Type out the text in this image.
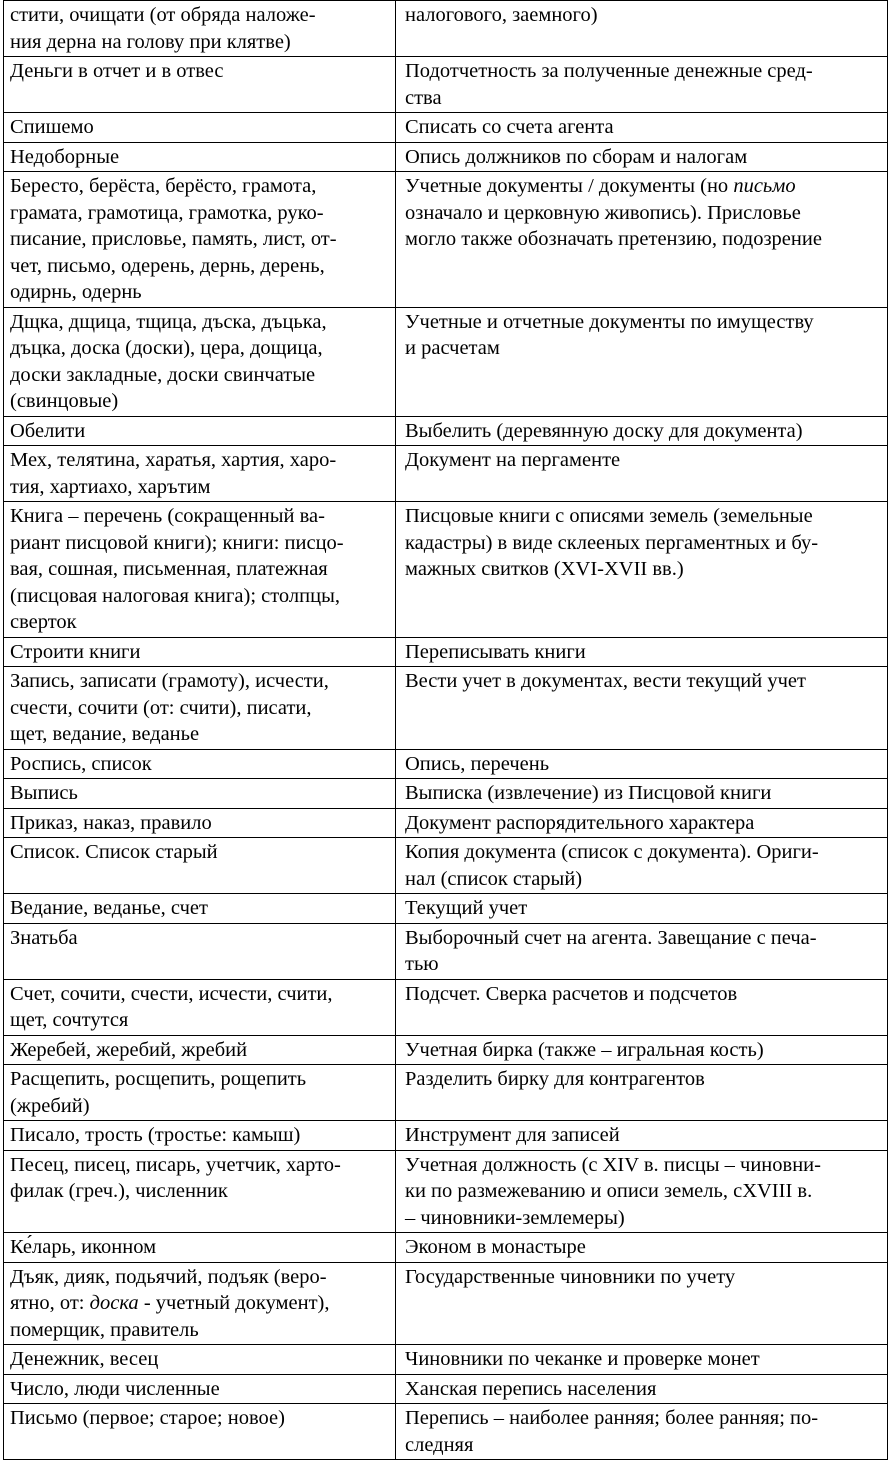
стити, очищати (от обряда наложе-
ния дерна на голову при клятве)	налогового, заемного)

Деньги в отчет и в отвес	Подотчетность за полученные денежные сред-
ства

Спишемо	Списать со счета агента

Недоборные	Опись должников по сборам и налогам

Бересто, берёста, берёсто, грамота,
грамата, грамотица, грамотка, руко-
писание, присловье, память, лист, от-
чет, письмо, одерень, дернь, дерень,
одирнь, одернь	Учетные документы / документы (но письмо
означало и церковную живопись). Присловье
могло также обозначать претензию, подозрение

Дщка, дщица, тщица, дъска, дъцька,
дъцка, доска (доски), цера, дощица,
доски закладные, доски свинчатые
(свинцовые)	Учетные и отчетные документы по имуществу
и расчетам

Обелити	Выбелить (деревянную доску для документа)

Мех, телятина, харатья, хартия, харо-
тия, хартиахо, харътим	Документ на пергаменте

Книга – перечень (сокращенный ва-
риант писцовой книги); книги: писцо-
вая, сошная, письменная, платежная
(писцовая налоговая книга); столпцы,
сверток	Писцовые книги с описями земель (земельные
кадастры) в виде склееных пергаментных и бу-
мажных свитков (XVI-XVII вв.)

Строити книги	Переписывать книги

Запись, записати (грамоту), исчести,
счести, сочити (от: счити), писати,
щет, ведание, веданье	Вести учет в документах, вести текущий учет

Роспись, список	Опись, перечень

Выпись	Выписка (извлечение) из Писцовой книги

Приказ, наказ, правило	Документ распорядительного характера

Список. Список старый	Копия документа (список с документа). Ориги-
нал (список старый)

Ведание, веданье, счет	Текущий учет

Знатьба	Выборочный счет на агента. Завещание с печа-
тью

Счет, сочити, счести, исчести, счити,
щет, сочтутся	Подсчет. Сверка расчетов и подсчетов

Жеребей, жеребий, жребий	Учетная бирка (также – игральная кость)

Расщепить, росщепить, рощепить
(жребий)	Разделить бирку для контрагентов

Писало, трость (тростье: камыш)	Инструмент для записей

Песец, писец, писарь, учетчик, харто-
филак (греч.), численник	Учетная должность (с XIV в. писцы – чиновни-
ки по размежеванию и описи земель, сXVIII в.
– чиновники-землемеры)

Ке́ларь, иконном	Эконом в монастыре

Дъяк, дияк, подьячий, подъяк (веро-
ятно, от: доска - учетный документ),
померщик, правитель	Государственные чиновники по учету

Денежник, весец	Чиновники по чеканке и проверке монет

Число, люди численные	Ханская перепись населения

Письмо (первое; старое; новое)	Перепись – наиболее ранняя; более ранняя; по-
следняя
